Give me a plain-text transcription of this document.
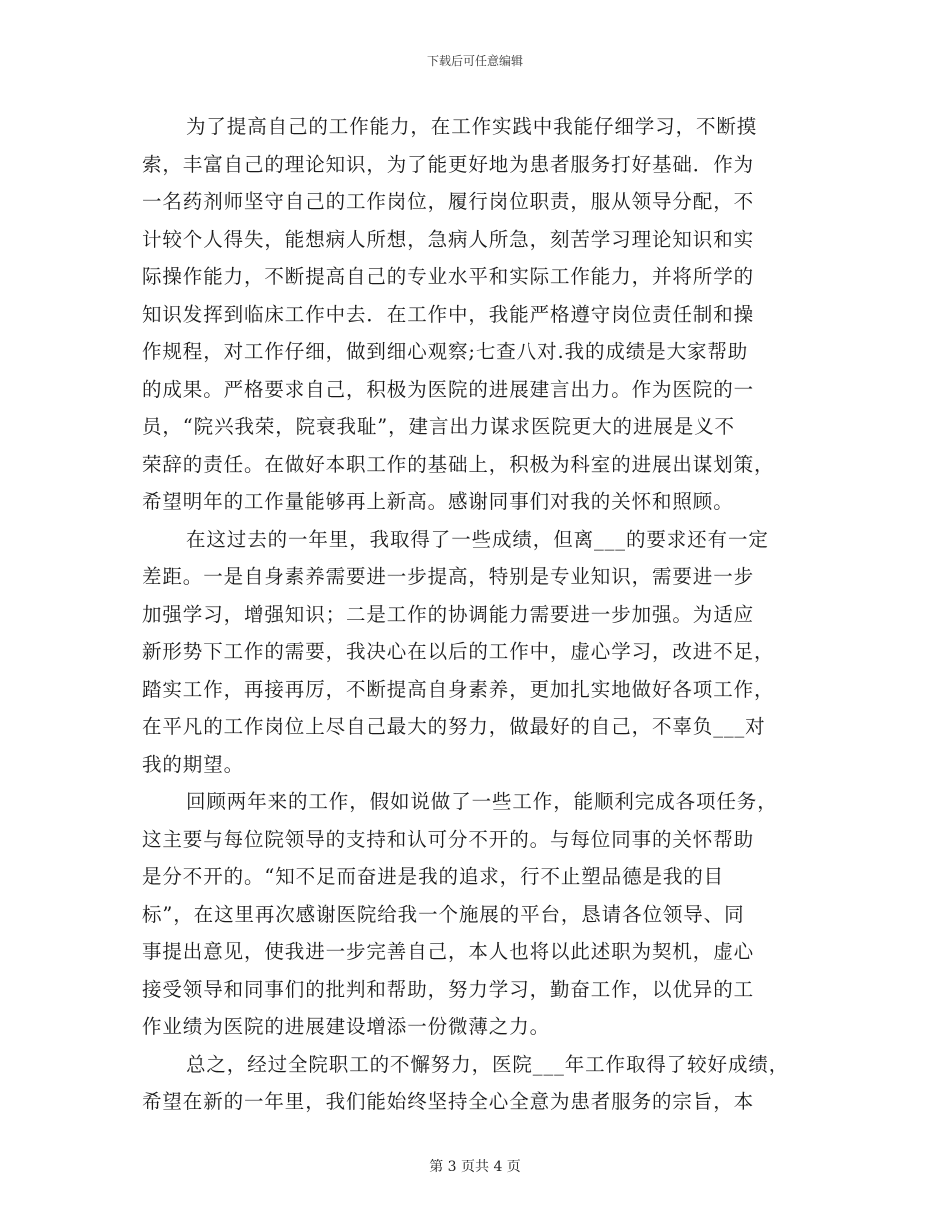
下载后可任意编辑
为了提高自己的工作能力，在工作实践中我能仔细学习，不断摸
索，丰富自己的理论知识，为了能更好地为患者服务打好基础．作为
一名药剂师坚守自己的工作岗位，履行岗位职责，服从领导分配，不
计较个人得失，能想病人所想，急病人所急，刻苦学习理论知识和实
际操作能力，不断提高自己的专业水平和实际工作能力，并将所学的
知识发挥到临床工作中去．在工作中，我能严格遵守岗位责任制和操
作规程，对工作仔细，做到细心观察;七查八对.我的成绩是大家帮助
的成果。严格要求自己，积极为医院的进展建言出力。作为医院的一
员，“院兴我荣，院衰我耻”，建言出力谋求医院更大的进展是义不
荣辞的责任。在做好本职工作的基础上，积极为科室的进展出谋划策，
希望明年的工作量能够再上新高。感谢同事们对我的关怀和照顾。
在这过去的一年里，我取得了一些成绩，但离___的要求还有一定
差距。一是自身素养需要进一步提高，特别是专业知识，需要进一步
加强学习，增强知识；二是工作的协调能力需要进一步加强。为适应
新形势下工作的需要，我决心在以后的工作中，虚心学习，改进不足，
踏实工作，再接再厉，不断提高自身素养，更加扎实地做好各项工作，
在平凡的工作岗位上尽自己最大的努力，做最好的自己，不辜负___对
我的期望。
回顾两年来的工作，假如说做了一些工作，能顺利完成各项任务，
这主要与每位院领导的支持和认可分不开的。与每位同事的关怀帮助
是分不开的。“知不足而奋进是我的追求，行不止塑品德是我的目
标”，在这里再次感谢医院给我一个施展的平台，恳请各位领导、同
事提出意见，使我进一步完善自己，本人也将以此述职为契机，虚心
接受领导和同事们的批判和帮助，努力学习，勤奋工作，以优异的工
作业绩为医院的进展建设增添一份微薄之力。
总之，经过全院职工的不懈努力，医院___年工作取得了较好成绩，
希望在新的一年里，我们能始终坚持全心全意为患者服务的宗旨，本
第 3 页共 4 页
